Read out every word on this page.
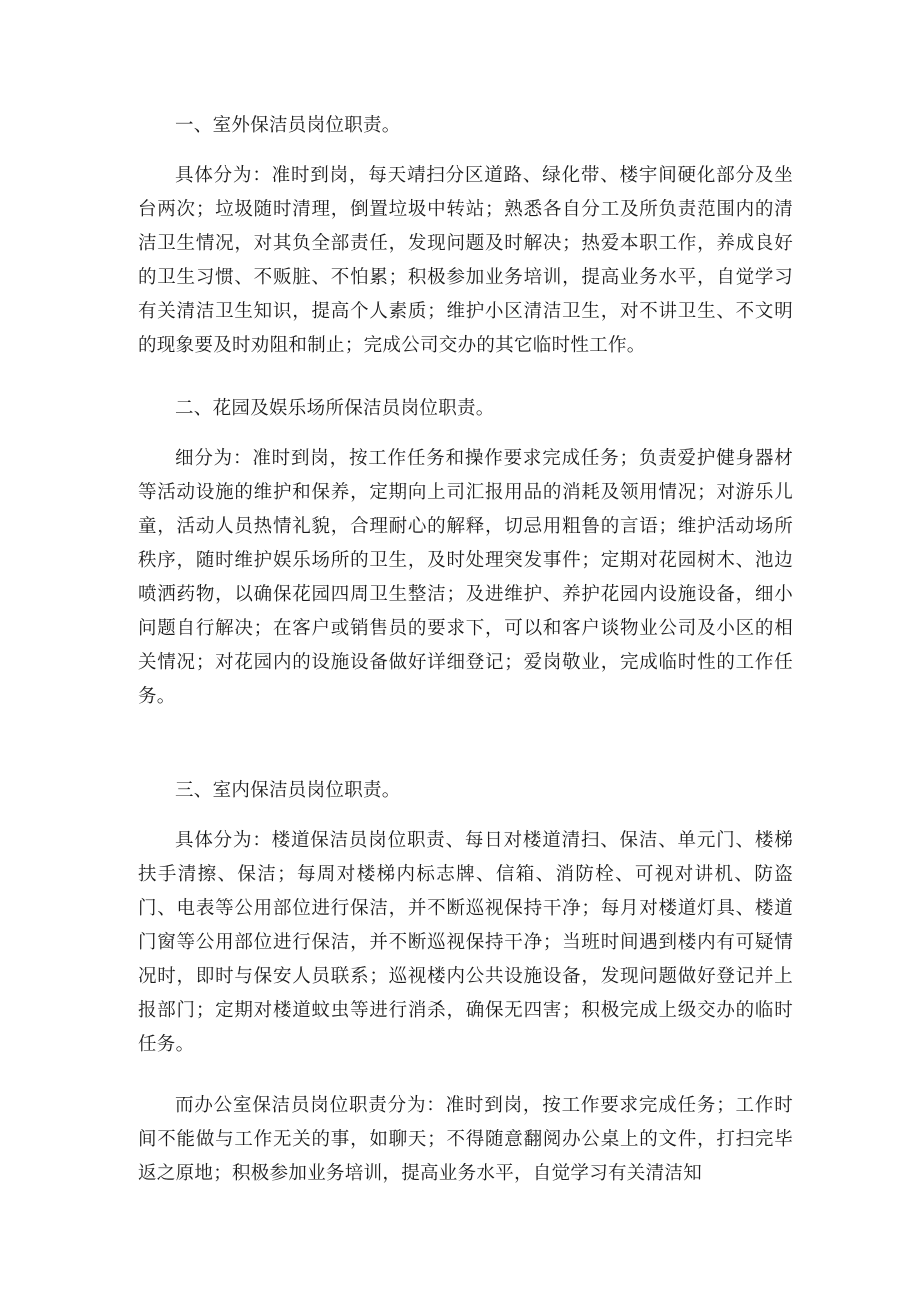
一、室外保洁员岗位职责。

具体分为：准时到岗，每天靖扫分区道路、绿化带、楼宇间硬化部分及坐台两次；垃圾随时清理，倒置垃圾中转站；熟悉各自分工及所负责范围内的清洁卫生情况，对其负全部责任，发现问题及时解决；热爱本职工作，养成良好的卫生习惯、不贩脏、不怕累；积极参加业务培训，提高业务水平，自觉学习有关清洁卫生知识，提高个人素质；维护小区清洁卫生，对不讲卫生、不文明的现象要及时劝阻和制止；完成公司交办的其它临时性工作。

二、花园及娱乐场所保洁员岗位职责。

细分为：准时到岗，按工作任务和操作要求完成任务；负责爱护健身器材等活动设施的维护和保养，定期向上司汇报用品的消耗及领用情况；对游乐儿童，活动人员热情礼貌，合理耐心的解释，切忌用粗鲁的言语；维护活动场所秩序，随时维护娱乐场所的卫生，及时处理突发事件；定期对花园树木、池边喷洒药物，以确保花园四周卫生整洁；及进维护、养护花园内设施设备，细小问题自行解决；在客户或销售员的要求下，可以和客户谈物业公司及小区的相关情况；对花园内的设施设备做好详细登记；爱岗敬业，完成临时性的工作任务。

三、室内保洁员岗位职责。

具体分为：楼道保洁员岗位职责、每日对楼道清扫、保洁、单元门、楼梯扶手清擦、保洁；每周对楼梯内标志牌、信箱、消防栓、可视对讲机、防盗门、电表等公用部位进行保洁，并不断巡视保持干净；每月对楼道灯具、楼道门窗等公用部位进行保洁，并不断巡视保持干净；当班时间遇到楼内有可疑情况时，即时与保安人员联系；巡视楼内公共设施设备，发现问题做好登记并上报部门；定期对楼道蚊虫等进行消杀，确保无四害；积极完成上级交办的临时任务。

而办公室保洁员岗位职责分为：准时到岗，按工作要求完成任务；工作时间不能做与工作无关的事，如聊天；不得随意翻阅办公桌上的文件，打扫完毕返之原地；积极参加业务培训，提高业务水平，自觉学习有关清洁知
